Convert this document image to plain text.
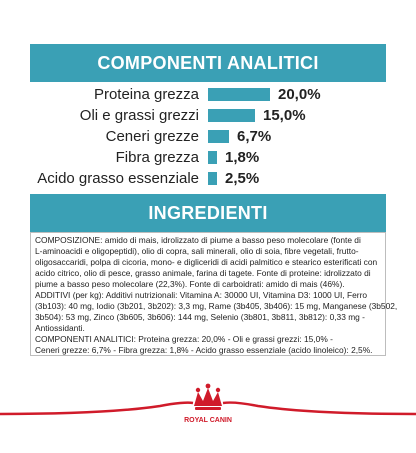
COMPONENTI ANALITICI
Proteina grezza	20,0%
Oli e grassi grezzi	15,0%
Ceneri grezze	6,7%
Fibra grezza 1,8%
Acido grasso essenziale 2,5%
INGREDIENTI

COMPOSIZIONE: amido di mais, idrolizzato di piume a basso peso molecolare (fonte di
L-aminoacidi e oligopeptidi), olio di copra, sali minerali, olio di soia, fibre vegetali, frutto-
oligosaccaridi, polpa di cicoria, mono- e digliceridi di acidi palmitico e stearico esterificati con
acido citrico, olio di pesce, grasso animale, farina di tagete. Fonte di proteine: idrolizzato di
piume a basso peso molecolare (22,3%). Fonte di carboidrati: amido di mais (46%).
ADDITIVI (per kg): Additivi nutrizionali: Vitamina A: 30000 UI, Vitamina D3: 1000 UI, Ferro
(3b103): 40 mg, Iodio (3b201, 3b202): 3,3 mg, Rame (3b405, 3b406): 15 mg, Manganese (3b502,
3b504): 53 mg, Zinco (3b605, 3b606): 144 mg, Selenio (3b801, 3b811, 3b812): 0,33 mg -
Antiossidanti.
COMPONENTI ANALITICI: Proteina grezza: 20,0% - Oli e grassi grezzi: 15,0% -
Ceneri grezze: 6,7% - Fibra grezza: 1,8% - Acido grasso essenziale (acido linoleico): 2,5%.

ROYAL CANIN
